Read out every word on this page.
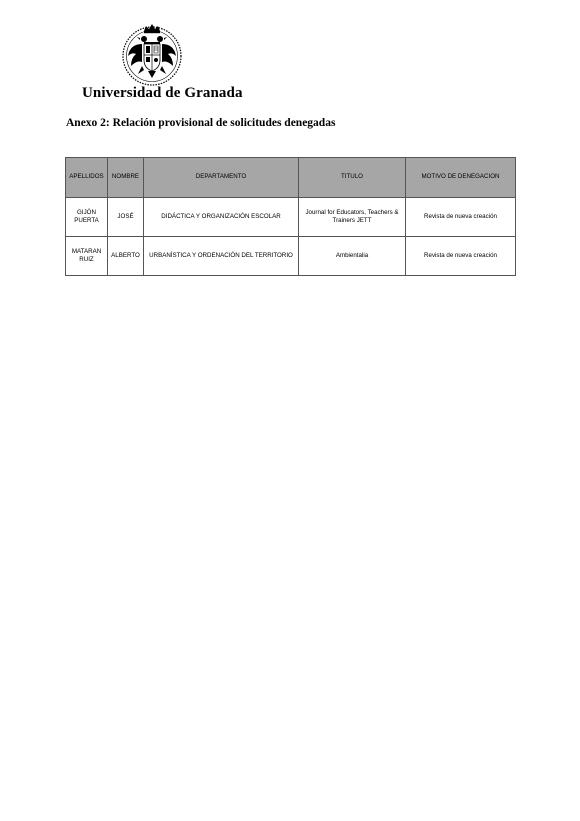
Universidad de Granada
Anexo 2: Relación provisional de solicitudes denegadas
APELLIDOS	NOMBRE	DEPARTAMENTO	TITULO	MOTIVO DE DENEGACION
GIJÓN PUERTA	JOSÉ	DIDÁCTICA Y ORGANIZACIÓN ESCOLAR	Journal for Educators, Teachers & Trainers JETT	Revista de nueva creación
MATARAN RUIZ	ALBERTO	URBANÍSTICA Y ORDENACIÓN DEL TERRITORIO	Ambientalia	Revista de nueva creación
